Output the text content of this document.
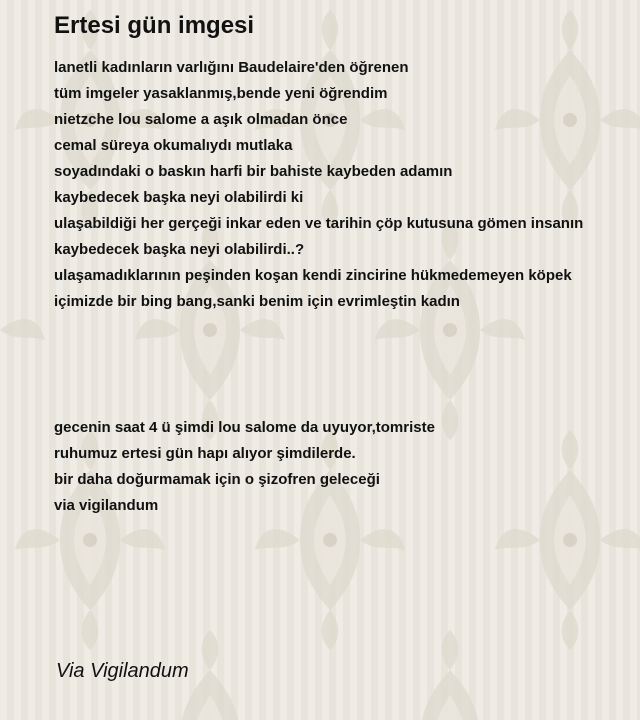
Ertesi gün imgesi
lanetli kadınların varlığını Baudelaire'den öğrenen
tüm imgeler yasaklanmış,bende yeni öğrendim
nietzche lou salome a aşık olmadan önce
cemal süreya okumalıydı mutlaka
soyadındaki o baskın harfi bir bahiste kaybeden adamın
kaybedecek başka neyi olabilirdi ki
ulaşabildiği her gerçeği inkar eden ve tarihin çöp kutusuna gömen insanın
kaybedecek başka neyi olabilirdi..?
ulaşamadıklarının peşinden koşan kendi zincirine hükmedemeyen köpek
içimizde bir bing bang,sanki benim için evrimleştin kadın
gecenin saat 4 ü şimdi lou salome da uyuyor,tomriste
ruhumuz ertesi gün hapı alıyor şimdilerde.
bir daha doğurmamak için o şizofren geleceği
via vigilandum
Via Vigilandum
